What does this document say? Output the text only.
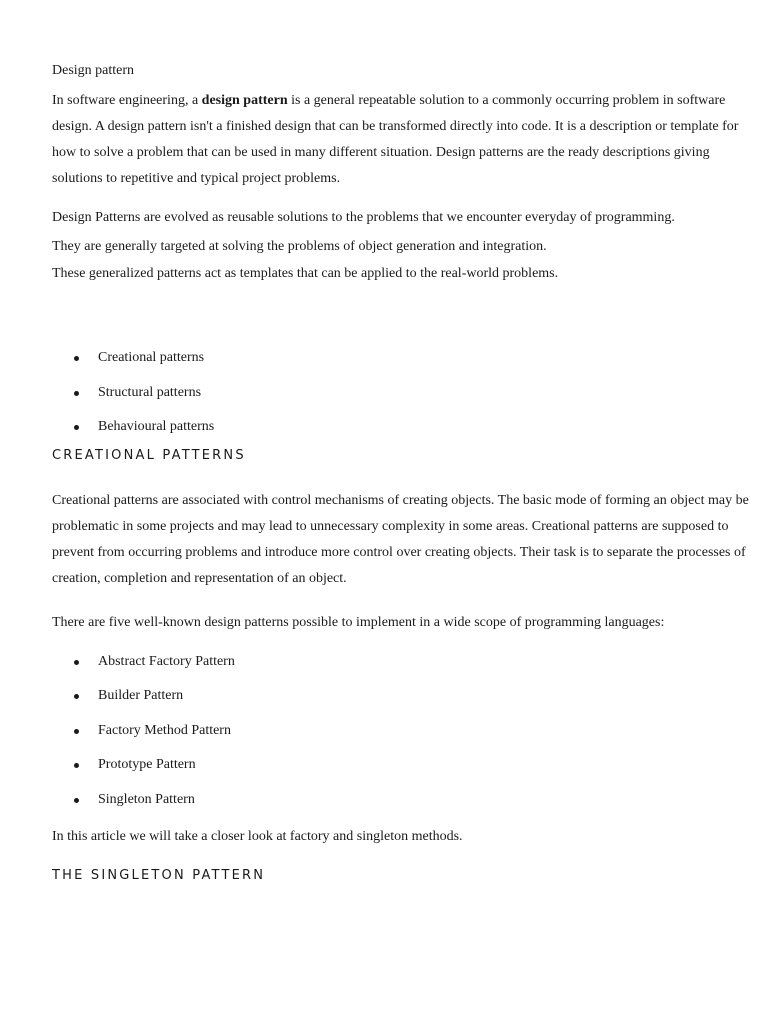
Design pattern

In software engineering, a design pattern is a general repeatable solution to a commonly occurring problem in software design. A design pattern isn't a finished design that can be transformed directly into code. It is a description or template for how to solve a problem that can be used in many different situation. Design patterns are the ready descriptions giving solutions to repetitive and typical project problems.

Design Patterns are evolved as reusable solutions to the problems that we encounter everyday of programming.
They are generally targeted at solving the problems of object generation and integration.
These generalized patterns act as templates that can be applied to the real-world problems.
Creational patterns
Structural patterns
Behavioural patterns
CREATIONAL PATTERNS

Creational patterns are associated with control mechanisms of creating objects. The basic mode of forming an object may be problematic in some projects and may lead to unnecessary complexity in some areas. Creational patterns are supposed to prevent from occurring problems and introduce more control over creating objects. Their task is to separate the processes of creation, completion and representation of an object.

There are five well-known design patterns possible to implement in a wide scope of programming languages:

Abstract Factory Pattern
Builder Pattern
Factory Method Pattern
Prototype Pattern
Singleton Pattern

In this article we will take a closer look at factory and singleton methods.

THE SINGLETON PATTERN
